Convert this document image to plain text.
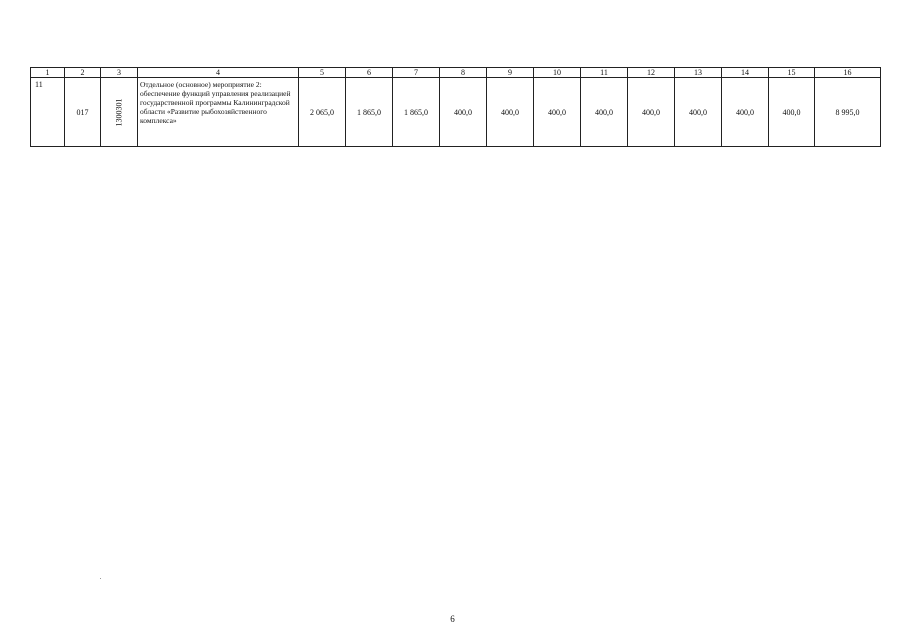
1	2	3	4	5	6	7	8	9	10	11	12	13	14	15	16
11	017	1300301	Отдельное (основное) мероприятие 2: обеспечение функций управления реализацией государственной программы Калининградской области «Развитие рыбохозяйственного комплекса»	2 065,0	1 865,0	1 865,0	400,0	400,0	400,0	400,0	400,0	400,0	400,0	400,0	8 995,0
6
